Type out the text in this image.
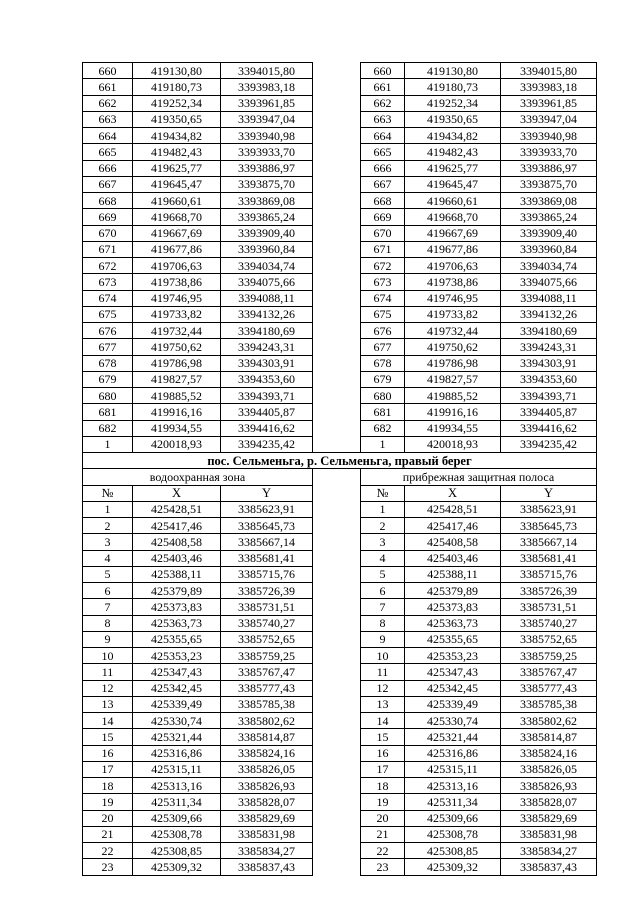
660	419130,80	3394015,80		660	419130,80	3394015,80
661	419180,73	3393983,18		661	419180,73	3393983,18
662	419252,34	3393961,85		662	419252,34	3393961,85
663	419350,65	3393947,04		663	419350,65	3393947,04
664	419434,82	3393940,98		664	419434,82	3393940,98
665	419482,43	3393933,70		665	419482,43	3393933,70
666	419625,77	3393886,97		666	419625,77	3393886,97
667	419645,47	3393875,70		667	419645,47	3393875,70
668	419660,61	3393869,08		668	419660,61	3393869,08
669	419668,70	3393865,24		669	419668,70	3393865,24
670	419667,69	3393909,40		670	419667,69	3393909,40
671	419677,86	3393960,84		671	419677,86	3393960,84
672	419706,63	3394034,74		672	419706,63	3394034,74
673	419738,86	3394075,66		673	419738,86	3394075,66
674	419746,95	3394088,11		674	419746,95	3394088,11
675	419733,82	3394132,26		675	419733,82	3394132,26
676	419732,44	3394180,69		676	419732,44	3394180,69
677	419750,62	3394243,31		677	419750,62	3394243,31
678	419786,98	3394303,91		678	419786,98	3394303,91
679	419827,57	3394353,60		679	419827,57	3394353,60
680	419885,52	3394393,71		680	419885,52	3394393,71
681	419916,16	3394405,87		681	419916,16	3394405,87
682	419934,55	3394416,62		682	419934,55	3394416,62
1	420018,93	3394235,42		1	420018,93	3394235,42
пос. Сельменьга, р. Сельменьга, правый берег						
водоохранная зона				прибрежная защитная полоса		
№	X	Y		№	X	Y
1	425428,51	3385623,91		1	425428,51	3385623,91
2	425417,46	3385645,73		2	425417,46	3385645,73
3	425408,58	3385667,14		3	425408,58	3385667,14
4	425403,46	3385681,41		4	425403,46	3385681,41
5	425388,11	3385715,76		5	425388,11	3385715,76
6	425379,89	3385726,39		6	425379,89	3385726,39
7	425373,83	3385731,51		7	425373,83	3385731,51
8	425363,73	3385740,27		8	425363,73	3385740,27
9	425355,65	3385752,65		9	425355,65	3385752,65
10	425353,23	3385759,25		10	425353,23	3385759,25
11	425347,43	3385767,47		11	425347,43	3385767,47
12	425342,45	3385777,43		12	425342,45	3385777,43
13	425339,49	3385785,38		13	425339,49	3385785,38
14	425330,74	3385802,62		14	425330,74	3385802,62
15	425321,44	3385814,87		15	425321,44	3385814,87
16	425316,86	3385824,16		16	425316,86	3385824,16
17	425315,11	3385826,05		17	425315,11	3385826,05
18	425313,16	3385826,93		18	425313,16	3385826,93
19	425311,34	3385828,07		19	425311,34	3385828,07
20	425309,66	3385829,69		20	425309,66	3385829,69
21	425308,78	3385831,98		21	425308,78	3385831,98
22	425308,85	3385834,27		22	425308,85	3385834,27
23	425309,32	3385837,43		23	425309,32	3385837,43
